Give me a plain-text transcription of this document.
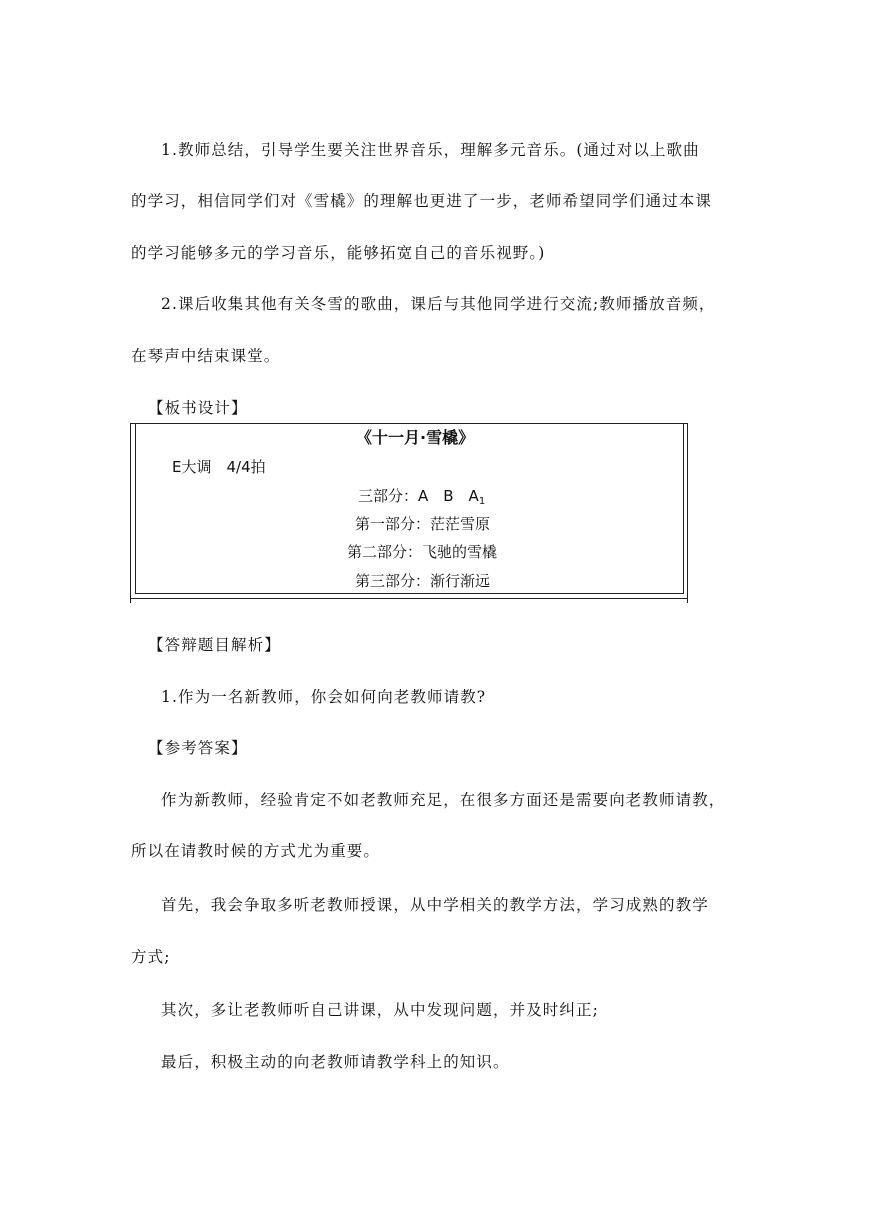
1.教师总结，引导学生要关注世界音乐，理解多元音乐。(通过对以上歌曲
的学习，相信同学们对《雪橇》的理解也更进了一步，老师希望同学们通过本课
的学习能够多元的学习音乐，能够拓宽自己的音乐视野。)
2.课后收集其他有关冬雪的歌曲，课后与其他同学进行交流;教师播放音频，
在琴声中结束课堂。
【板书设计】
《十一月·雪橇》
E大调　4/4拍
三部分：A　B　$A_1$
第一部分：茫茫雪原
第二部分：飞驰的雪橇
第三部分：渐行渐远
【答辩题目解析】
1.作为一名新教师，你会如何向老教师请教?
【参考答案】
作为新教师，经验肯定不如老教师充足，在很多方面还是需要向老教师请教，
所以在请教时候的方式尤为重要。
首先，我会争取多听老教师授课，从中学相关的教学方法，学习成熟的教学
方式;
其次，多让老教师听自己讲课，从中发现问题，并及时纠正;
最后，积极主动的向老教师请教学科上的知识。
